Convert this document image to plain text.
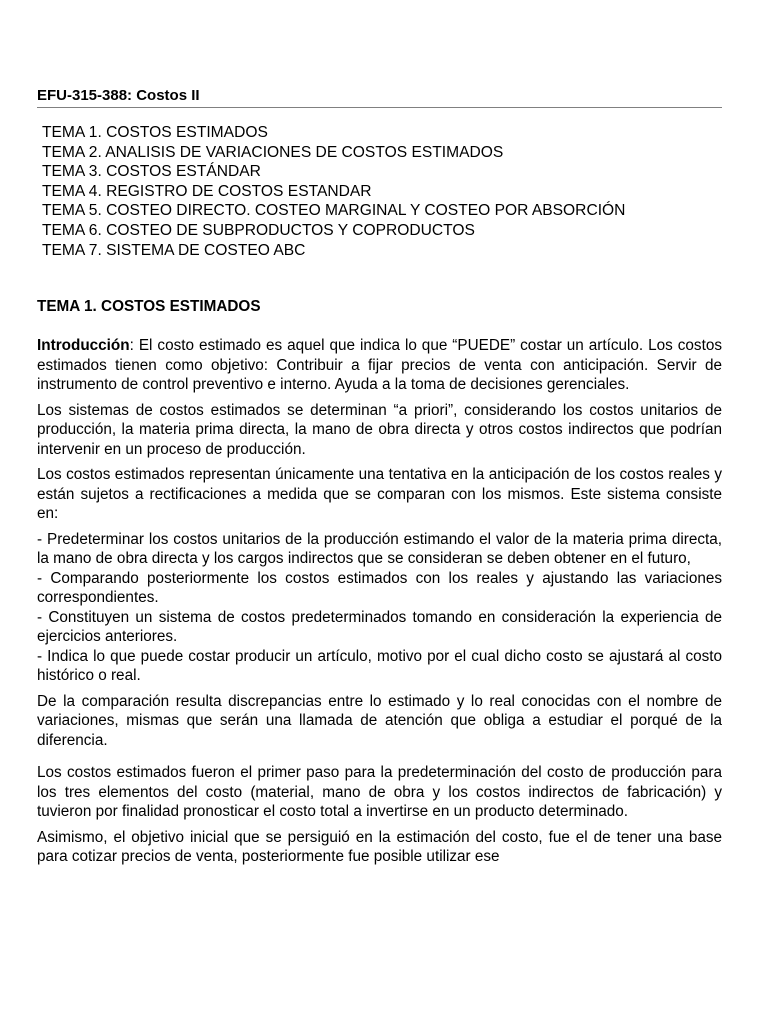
EFU-315-388: Costos II
TEMA 1. COSTOS ESTIMADOS
TEMA 2. ANALISIS DE VARIACIONES DE COSTOS ESTIMADOS
TEMA 3. COSTOS ESTÁNDAR
TEMA 4. REGISTRO DE COSTOS ESTANDAR
TEMA 5. COSTEO DIRECTO. COSTEO MARGINAL Y COSTEO POR ABSORCIÓN
TEMA 6. COSTEO DE SUBPRODUCTOS Y COPRODUCTOS
TEMA 7. SISTEMA DE COSTEO ABC
TEMA 1. COSTOS ESTIMADOS

Introducción: El costo estimado es aquel que indica lo que “PUEDE” costar un artículo. Los costos estimados tienen como objetivo: Contribuir a fijar precios de venta con anticipación. Servir de instrumento de control preventivo e interno. Ayuda a la toma de decisiones gerenciales.

Los sistemas de costos estimados se determinan “a priori”, considerando los costos unitarios de producción, la materia prima directa, la mano de obra directa y otros costos indirectos que podrían intervenir en un proceso de producción.

Los costos estimados representan únicamente una tentativa en la anticipación de los costos reales y están sujetos a rectificaciones a medida que se comparan con los mismos. Este sistema consiste en:

- Predeterminar los costos unitarios de la producción estimando el valor de la materia prima directa, la mano de obra directa y los cargos indirectos que se consideran se deben obtener en el futuro,
- Comparando posteriormente los costos estimados con los reales y ajustando las variaciones correspondientes.
- Constituyen un sistema de costos predeterminados tomando en consideración la experiencia de ejercicios anteriores.
- Indica lo que puede costar producir un artículo, motivo por el cual dicho costo se ajustará al costo histórico o real.

De la comparación resulta discrepancias entre lo estimado y lo real conocidas con el nombre de variaciones, mismas que serán una llamada de atención que obliga a estudiar el porqué de la diferencia.

Los costos estimados fueron el primer paso para la predeterminación del costo de producción para los tres elementos del costo (material, mano de obra y los costos indirectos de fabricación) y tuvieron por finalidad pronosticar el costo total a invertirse en un producto determinado.

Asimismo, el objetivo inicial que se persiguió en la estimación del costo, fue el de tener una base para cotizar precios de venta, posteriormente fue posible utilizar ese
